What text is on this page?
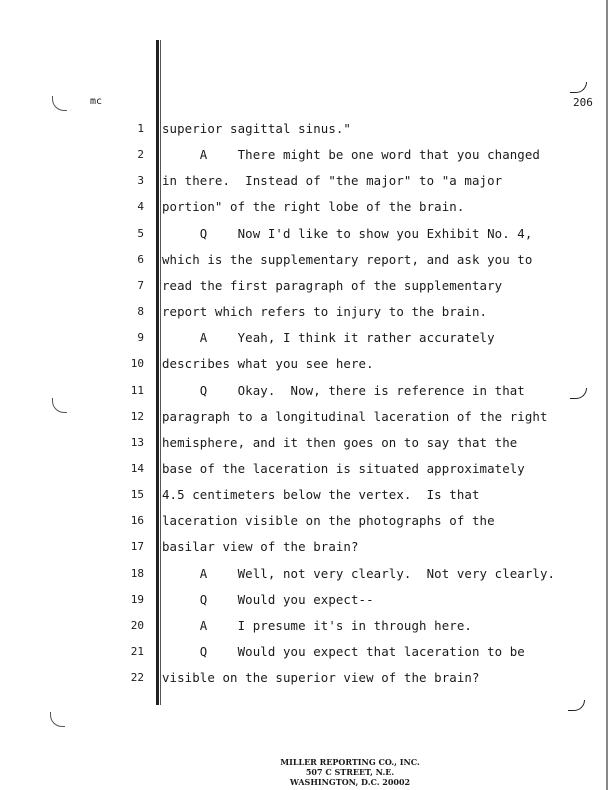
mc	206
1 superior sagittal sinus."
2 A    There might be one word that you changed
3 in there.  Instead of "the major" to "a major
4 portion" of the right lobe of the brain.
5 Q    Now I'd like to show you Exhibit No. 4,
6 which is the supplementary report, and ask you to
7 read the first paragraph of the supplementary
8 report which refers to injury to the brain.
9 A    Yeah, I think it rather accurately
10 describes what you see here.
11 Q    Okay.  Now, there is reference in that
12 paragraph to a longitudinal laceration of the right
13 hemisphere, and it then goes on to say that the
14 base of the laceration is situated approximately
15 4.5 centimeters below the vertex.  Is that
16 laceration visible on the photographs of the
17 basilar view of the brain?
18 A    Well, not very clearly.  Not very clearly.
19 Q    Would you expect--
20 A    I presume it's in through here.
21 Q    Would you expect that laceration to be
22 visible on the superior view of the brain?
MILLER REPORTING CO., INC.
507 C STREET, N.E.
WASHINGTON, D.C. 20002
